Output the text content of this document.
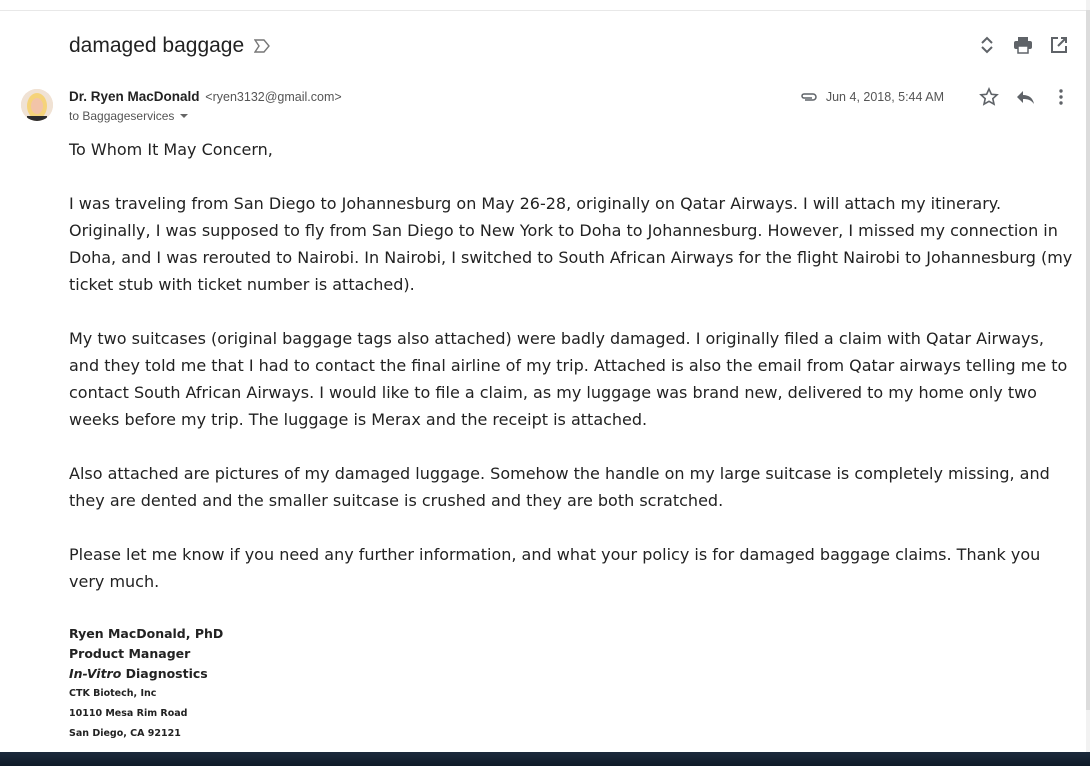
damaged baggage
Dr. Ryen MacDonald <ryen3132@gmail.com>
to
Baggageservices
Jun 4, 2018, 5:44 AM

To Whom It May Concern,

I was traveling from San Diego to Johannesburg on May 26-28, originally on Qatar Airways. I will attach my itinerary. Originally, I was supposed to fly from San Diego to New York to Doha to Johannesburg. However, I missed my connection in Doha, and I was rerouted to Nairobi. In Nairobi, I switched to South African Airways for the flight Nairobi to Johannesburg (my ticket stub with ticket number is attached).

My two suitcases (original baggage tags also attached) were badly damaged. I originally filed a claim with Qatar Airways, and they told me that I had to contact the final airline of my trip. Attached is also the email from Qatar airways telling me to contact South African Airways. I would like to file a claim, as my luggage was brand new, delivered to my home only two weeks before my trip. The luggage is Merax and the receipt is attached.

Also attached are pictures of my damaged luggage. Somehow the handle on my large suitcase is completely missing, and they are dented and the smaller suitcase is crushed and they are both scratched.

Please let me know if you need any further information, and what your policy is for damaged baggage claims. Thank you very much.

Ryen MacDonald, PhD
Product Manager
In-Vitro Diagnostics
CTK Biotech, Inc
10110 Mesa Rim Road
San Diego, CA 92121
